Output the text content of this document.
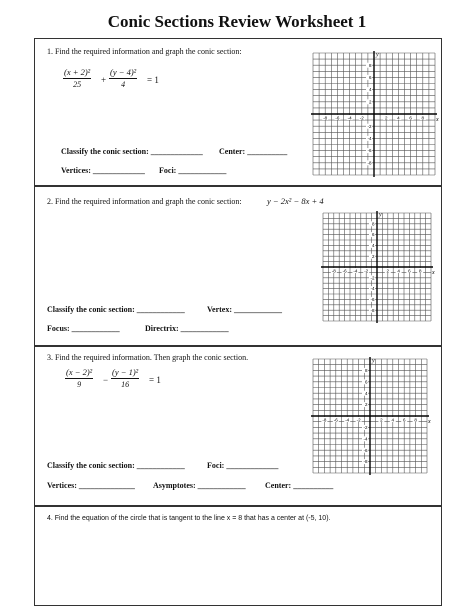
Conic Sections Review Worksheet 1
1. Find the required information and graph the conic section:
$\frac{\text{(x + 2)²}}{25} + \frac{\text{(y − 4)²}}{4} = 1$
Classify the conic section: _____________ Center: __________
Vertices: _____________ Foci: ____________
-8
-8
-6
-6
-4
-4
-2
-2
2
2
4
4
6
6
8
8
x
y
2. Find the required information and graph the conic section:	y − 2x² − 8x + 4
Classify the conic section: ____________	Vertex: ____________
Focus: ____________	Directrix: ____________
-8
-8
-6
-6
-4
-4
-2
-2
2
2
4
4
6
6
8
8
x
y
3. Find the required information. Then graph the conic section.
$\frac{\text{(x − 2)²}}{9} - \frac{\text{(y − 1)²}}{16} = 1$
Classify the conic section: ____________	Foci: _____________
Vertices: ______________ Asymptotes: ____________ Center: __________
-8
-8
-6
-6
-4
-4
-2
-2
2
2
4
4
6
6
8
8
x
y
4. Find the equation of the circle that is tangent to the line x = 8 that has a center at (-5, 10).
